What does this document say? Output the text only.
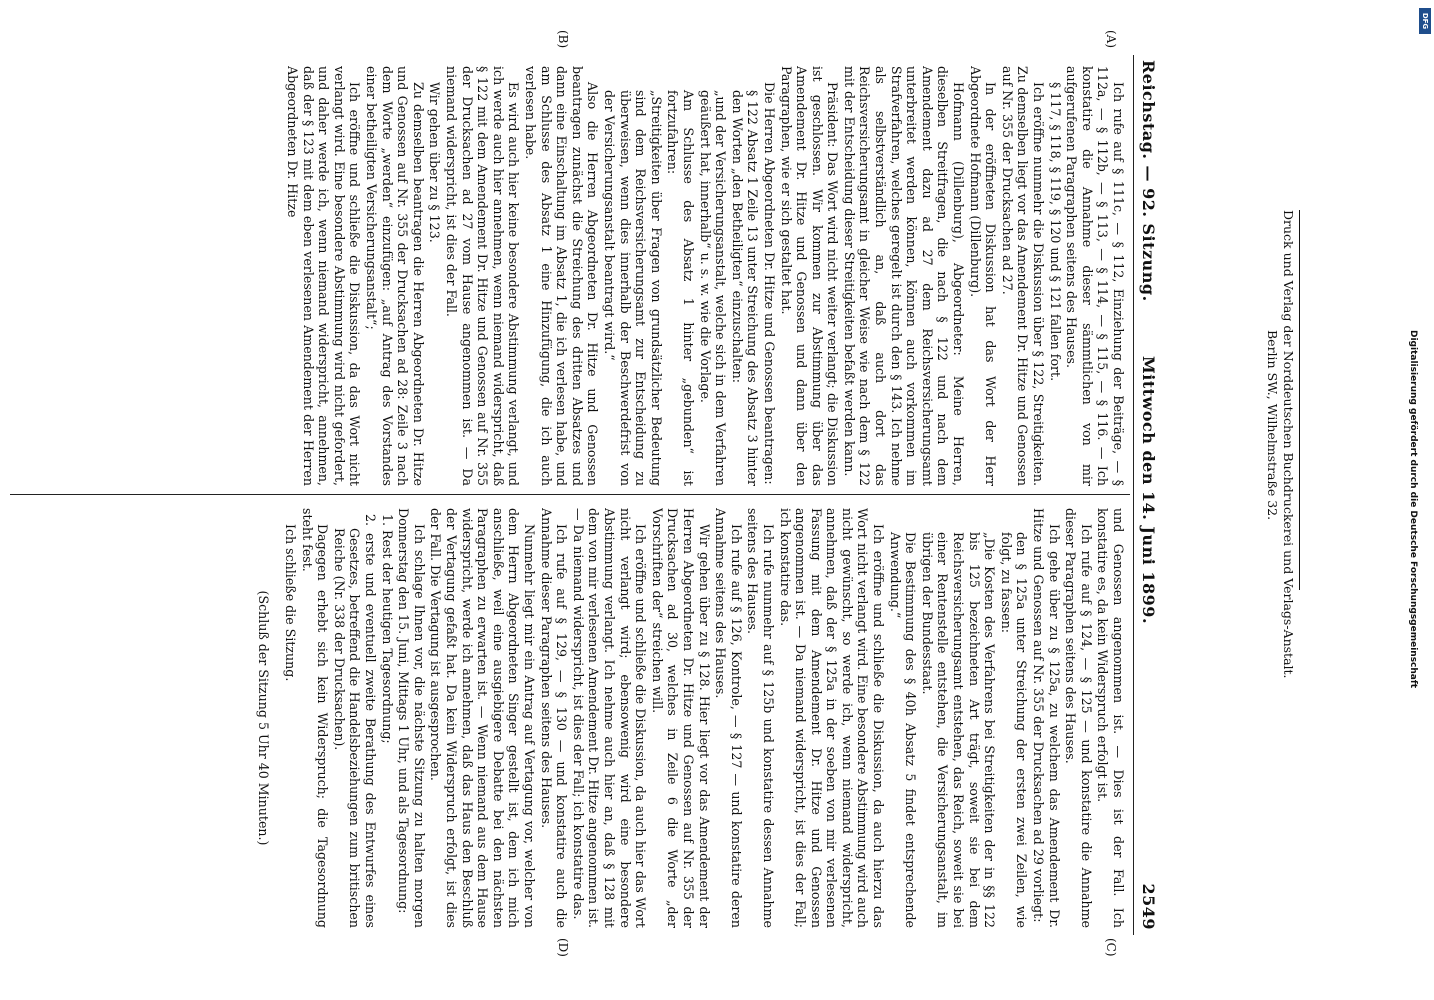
Reichstag. — 92. Sitzung.
Mittwoch den 14. Juni 1899.
2549
(A)
(B)
(C)
(D)

Ich rufe auf § 111c, — § 112, Einziehung der Beiträge, — § 112a, — § 112b, — § 113, — § 114, — § 115, — § 116. — Ich konstatire die Annahme dieser sämmtlichen von mir aufgerufenen Paragraphen seitens des Hauses.

§ 117, § 118, § 119, § 120 und § 121 fallen fort.

Ich eröffne nunmehr die Diskussion über § 122, Streitigkeiten. Zu demselben liegt vor das Amendement Dr. Hitze und Genossen auf Nr. 355 der Drucksachen ad 27.

In der eröffneten Diskussion hat das Wort der Herr Abgeordnete Hofmann (Dillenburg).

Hofmann (Dillenburg), Abgeordneter: Meine Herren, dieselben Streitfragen, die nach § 122 und nach dem Amendement dazu ad 27 dem Reichsversicherungsamt unterbreitet werden können, können auch vorkommen im Strafverfahren, welches geregelt ist durch den § 143. Ich nehme als selbstverständlich an, daß auch dort das Reichsversicherungsamt in gleicher Weise wie nach dem § 122 mit der Entscheidung dieser Streitigkeiten befaßt werden kann.

Präsident: Das Wort wird nicht weiter verlangt; die Diskussion ist geschlossen. Wir kommen zur Abstimmung über das Amendement Dr. Hitze und Genossen und dann über den Paragraphen, wie er sich gestaltet hat.

Die Herren Abgeordneten Dr. Hitze und Genossen beantragen:

§ 122 Absatz 1 Zeile 13 unter Streichung des Absatz 3 hinter den Worten „den Betheiligten“ einzuschalten:

„und der Versicherungsanstalt, welche sich in dem Verfahren geäußert hat, innerhalb“ u. s. w. wie die Vorlage.

Am Schlusse des Absatz 1 hinter „gebunden“ ist fortzufahren:

„Streitigkeiten über Fragen von grundsätzlicher Bedeutung sind dem Reichsversicherungsamt zur Entscheidung zu überweisen, wenn dies innerhalb der Beschwerdefrist von der Versicherungsanstalt beantragt wird.“

Also die Herren Abgeordneten Dr. Hitze und Genossen beantragen zunächst die Streichung des dritten Absatzes und dann eine Einschaltung im Absatz 1, die ich verlesen habe, und am Schlusse des Absatz 1 eine Hinzufügung, die ich auch verlesen habe.

Es wird auch hier keine besondere Abstimmung verlangt, und ich werde auch hier annehmen, wenn niemand widerspricht, daß § 122 mit dem Amendement Dr. Hitze und Genossen auf Nr. 355 der Drucksachen ad 27 vom Hause angenommen ist. — Da niemand widerspricht, ist dies der Fall.

Wir gehen über zu § 123.

Zu demselben beantragen die Herren Abgeordneten Dr. Hitze und Genossen auf Nr. 355 der Drucksachen ad 28: Zeile 3 nach dem Worte „werden“ einzufügen: „auf Antrag des Vorstandes einer betheiligten Versicherungsanstalt“;

Ich eröffne und schließe die Diskussion, da das Wort nicht verlangt wird. Eine besondere Abstimmung wird nicht gefordert, und daher werde ich, wenn niemand widerspricht, annehmen, daß der § 123 mit dem eben verlesenen Amendement der Herren Abgeordneten Dr. Hitze

und Genossen angenommen ist. — Dies ist der Fall. Ich konstatire es, da kein Widerspruch erfolgt ist.

Ich rufe auf § 124, — § 125 — und konstatire die Annahme dieser Paragraphen seitens des Hauses.

Ich gehe über zu § 125a, zu welchem das Amendement Dr. Hitze und Genossen auf Nr. 355 der Drucksachen ad 29 vorliegt:

den § 125a unter Streichung der ersten zwei Zeilen, wie folgt, zu fassen:

„Die Kosten des Verfahrens bei Streitigkeiten der in §§ 122 bis 125 bezeichneten Art trägt, soweit sie bei dem Reichsversicherungsamt entstehen, das Reich, soweit sie bei einer Rentenstelle entstehen, die Versicherungsanstalt, im übrigen der Bundesstaat.

Die Bestimmung des § 40h Absatz 5 findet entsprechende Anwendung.“

Ich eröffne und schließe die Diskussion, da auch hierzu das Wort nicht verlangt wird. Eine besondere Abstimmung wird auch nicht gewünscht, so werde ich, wenn niemand widerspricht, annehmen, daß der § 125a in der soeben von mir verlesenen Fassung mit dem Amendement Dr. Hitze und Genossen angenommen ist. — Da niemand widerspricht, ist dies der Fall; ich konstatire das.

Ich rufe nunmehr auf § 125b und konstatire dessen Annahme seitens des Hauses.

Ich rufe auf § 126, Kontrole, — § 127 — und konstatire deren Annahme seitens des Hauses.

Wir gehen über zu § 128. Hier liegt vor das Amendement der Herren Abgeordneten Dr. Hitze und Genossen auf Nr. 355 der Drucksachen ad 30, welches in Zeile 6 die Worte „der Vorschriften der“ streichen will.

Ich eröffne und schließe die Diskussion, da auch hier das Wort nicht verlangt wird; ebensowenig wird eine besondere Abstimmung verlangt. Ich nehme auch hier an, daß § 128 mit dem von mir verlesenen Amendement Dr. Hitze angenommen ist. — Da niemand widerspricht, ist dies der Fall; ich konstatire das.

Ich rufe auf § 129, — § 130 — und konstatire auch die Annahme dieser Paragraphen seitens des Hauses.

Nunmehr liegt mir ein Antrag auf Vertagung vor, welcher von dem Herrn Abgeordneten Singer gestellt ist, dem ich mich anschließe, weil eine ausgiebigere Debatte bei den nächsten Paragraphen zu erwarten ist. — Wenn niemand aus dem Hause widerspricht, werde ich annehmen, daß das Haus den Beschluß der Vertagung gefaßt hat. Da kein Widerspruch erfolgt, ist dies der Fall. Die Vertagung ist ausgesprochen.

Ich schlage Ihnen vor, die nächste Sitzung zu halten morgen Donnerstag den 15. Juni, Mittags 1 Uhr, und als Tagesordnung:

1. Rest der heutigen Tagesordnung;

2. erste und eventuell zweite Berathung des Entwurfes eines Gesetzes, betreffend die Handelsbeziehungen zum britischen Reiche (Nr. 338 der Drucksachen).

Dagegen erhebt sich kein Widerspruch; die Tagesordnung steht fest.

Ich schließe die Sitzung.

(Schluß der Sitzung 5 Uhr 40 Minuten.)

Druck und Verlag der Norddeutschen Buchdruckerei und Verlags-Anstalt.
Berlin SW., Wilhelmstraße 32.
DFG
Digitalisierung gefördert durch die Deutsche Forschungsgemeinschaft
